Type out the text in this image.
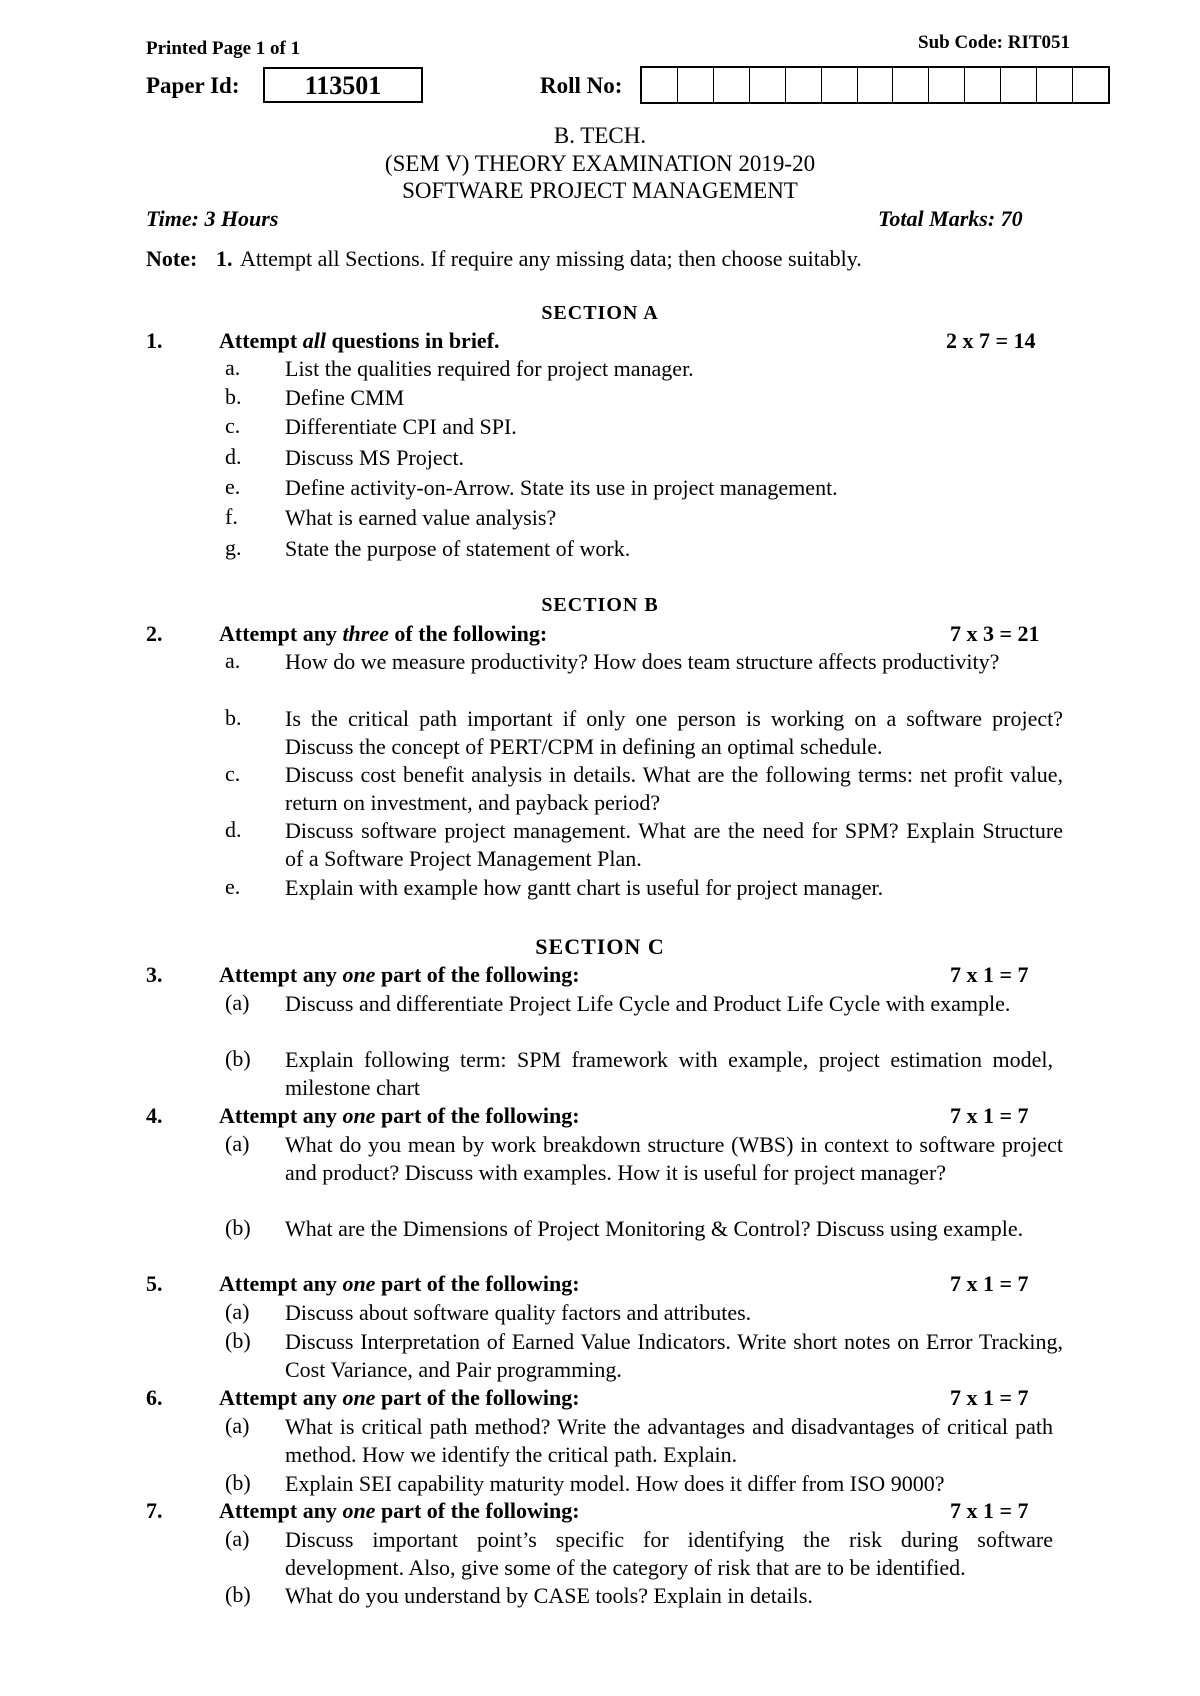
Printed Page 1 of 1	Sub Code: RIT051
Paper Id:	113501	Roll No:
B. TECH.
(SEM V) THEORY EXAMINATION 2019-20
SOFTWARE PROJECT MANAGEMENT
Time: 3 Hours	Total Marks: 70
Note: 1. Attempt all Sections. If require any missing data; then choose suitably.
SECTION A
1.	Attempt all questions in brief.	2 x 7 = 14
a. List the qualities required for project manager.
b. Define CMM
c. Differentiate CPI and SPI.
d. Discuss MS Project.
e. Define activity-on-Arrow. State its use in project management.
f. What is earned value analysis?
g. State the purpose of statement of work.
SECTION B
2.	Attempt any three of the following:	7 x 3 = 21
a. How do we measure productivity? How does team structure affects productivity?
b. Is the critical path important if only one person is working on a software project? Discuss the concept of PERT/CPM in defining an optimal schedule.
c. Discuss cost benefit analysis in details. What are the following terms: net profit value, return on investment, and payback period?
d. Discuss software project management. What are the need for SPM? Explain Structure of a Software Project Management Plan.
e. Explain with example how gantt chart is useful for project manager.
SECTION C
3.	Attempt any one part of the following:	7 x 1 = 7
(a) Discuss and differentiate Project Life Cycle and Product Life Cycle with example.
(b) Explain following term: SPM framework with example, project estimation model, milestone chart
4.	Attempt any one part of the following:	7 x 1 = 7
(a) What do you mean by work breakdown structure (WBS) in context to software project and product? Discuss with examples. How it is useful for project manager?
(b) What are the Dimensions of Project Monitoring & Control? Discuss using example.
5.	Attempt any one part of the following:	7 x 1 = 7
(a) Discuss about software quality factors and attributes.
(b) Discuss Interpretation of Earned Value Indicators. Write short notes on Error Tracking, Cost Variance, and Pair programming.
6.	Attempt any one part of the following:	7 x 1 = 7
(a) What is critical path method? Write the advantages and disadvantages of critical path method. How we identify the critical path. Explain.
(b) Explain SEI capability maturity model. How does it differ from ISO 9000?
7.	Attempt any one part of the following:	7 x 1 = 7
(a) Discuss important point’s specific for identifying the risk during software development. Also, give some of the category of risk that are to be identified.
(b) What do you understand by CASE tools? Explain in details.
